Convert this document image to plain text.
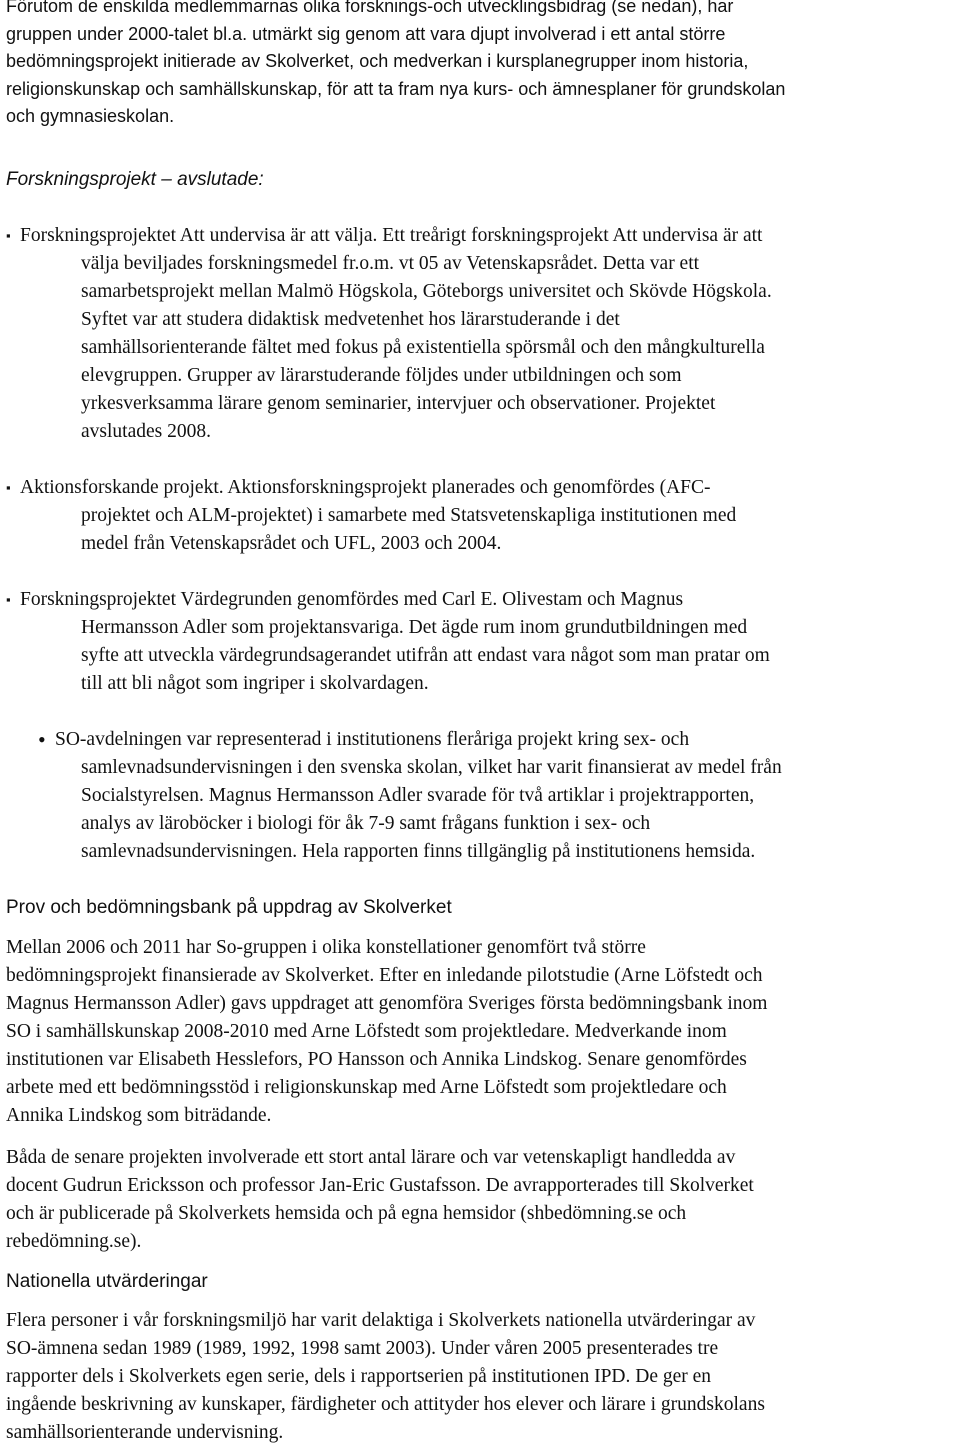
Förutom de enskilda medlemmarnas olika forsknings-och utvecklingsbidrag (se nedan), har
gruppen under 2000-talet bl.a. utmärkt sig genom att vara djupt involverad i ett antal större
bedömningsprojekt initierade av Skolverket, och medverkan i kursplanegrupper inom historia,
religionskunskap och samhällskunskap, för att ta fram nya kurs- och ämnesplaner för grundskolan
och gymnasieskolan.
Forskningsprojekt – avslutade:
▪ Forskningsprojektet Att undervisa är att välja. Ett treårigt forskningsprojekt Att undervisa är att
välja beviljades forskningsmedel fr.o.m. vt 05 av Vetenskapsrådet. Detta var ett
samarbetsprojekt mellan Malmö Högskola, Göteborgs universitet och Skövde Högskola.
Syftet var att studera didaktisk medvetenhet hos lärarstuderande i det
samhällsorienterande fältet med fokus på existentiella spörsmål och den mångkulturella
elevgruppen. Grupper av lärarstuderande följdes under utbildningen och som
yrkesverksamma lärare genom seminarier, intervjuer och observationer. Projektet
avslutades 2008.
▪ Aktionsforskande projekt. Aktionsforskningsprojekt planerades och genomfördes (AFC-
projektet och ALM-projektet) i samarbete med Statsvetenskapliga institutionen med
medel från Vetenskapsrådet och UFL, 2003 och 2004.
▪ Forskningsprojektet Värdegrunden genomfördes med Carl E. Olivestam och Magnus
Hermansson Adler som projektansvariga. Det ägde rum inom grundutbildningen med
syfte att utveckla värdegrundsagerandet utifrån att endast vara något som man pratar om
till att bli något som ingriper i skolvardagen.
• SO-avdelningen var representerad i institutionens fleråriga projekt kring sex- och
samlevnadsundervisningen i den svenska skolan, vilket har varit finansierat av medel från
Socialstyrelsen. Magnus Hermansson Adler svarade för två artiklar i projektrapporten,
analys av läroböcker i biologi för åk 7-9 samt frågans funktion i sex- och
samlevnadsundervisningen. Hela rapporten finns tillgänglig på institutionens hemsida.
Prov och bedömningsbank på uppdrag av Skolverket
Mellan 2006 och 2011 har So-gruppen i olika konstellationer genomfört två större
bedömningsprojekt finansierade av Skolverket. Efter en inledande pilotstudie (Arne Löfstedt och
Magnus Hermansson Adler) gavs uppdraget att genomföra Sveriges första bedömningsbank inom
SO i samhällskunskap 2008-2010 med Arne Löfstedt som projektledare. Medverkande inom
institutionen var Elisabeth Hesslefors, PO Hansson och Annika Lindskog. Senare genomfördes
arbete med ett bedömningsstöd i religionskunskap med Arne Löfstedt som projektledare och
Annika Lindskog som biträdande.
Båda de senare projekten involverade ett stort antal lärare och var vetenskapligt handledda av
docent Gudrun Ericksson och professor Jan-Eric Gustafsson. De avrapporterades till Skolverket
och är publicerade på Skolverkets hemsida och på egna hemsidor (shbedömning.se och
rebedömning.se).
Nationella utvärderingar
Flera personer i vår forskningsmiljö har varit delaktiga i Skolverkets nationella utvärderingar av
SO-ämnena sedan 1989 (1989, 1992, 1998 samt 2003). Under våren 2005 presenterades tre
rapporter dels i Skolverkets egen serie, dels i rapportserien på institutionen IPD. De ger en
ingående beskrivning av kunskaper, färdigheter och attityder hos elever och lärare i grundskolans
samhällsorienterande undervisning.
